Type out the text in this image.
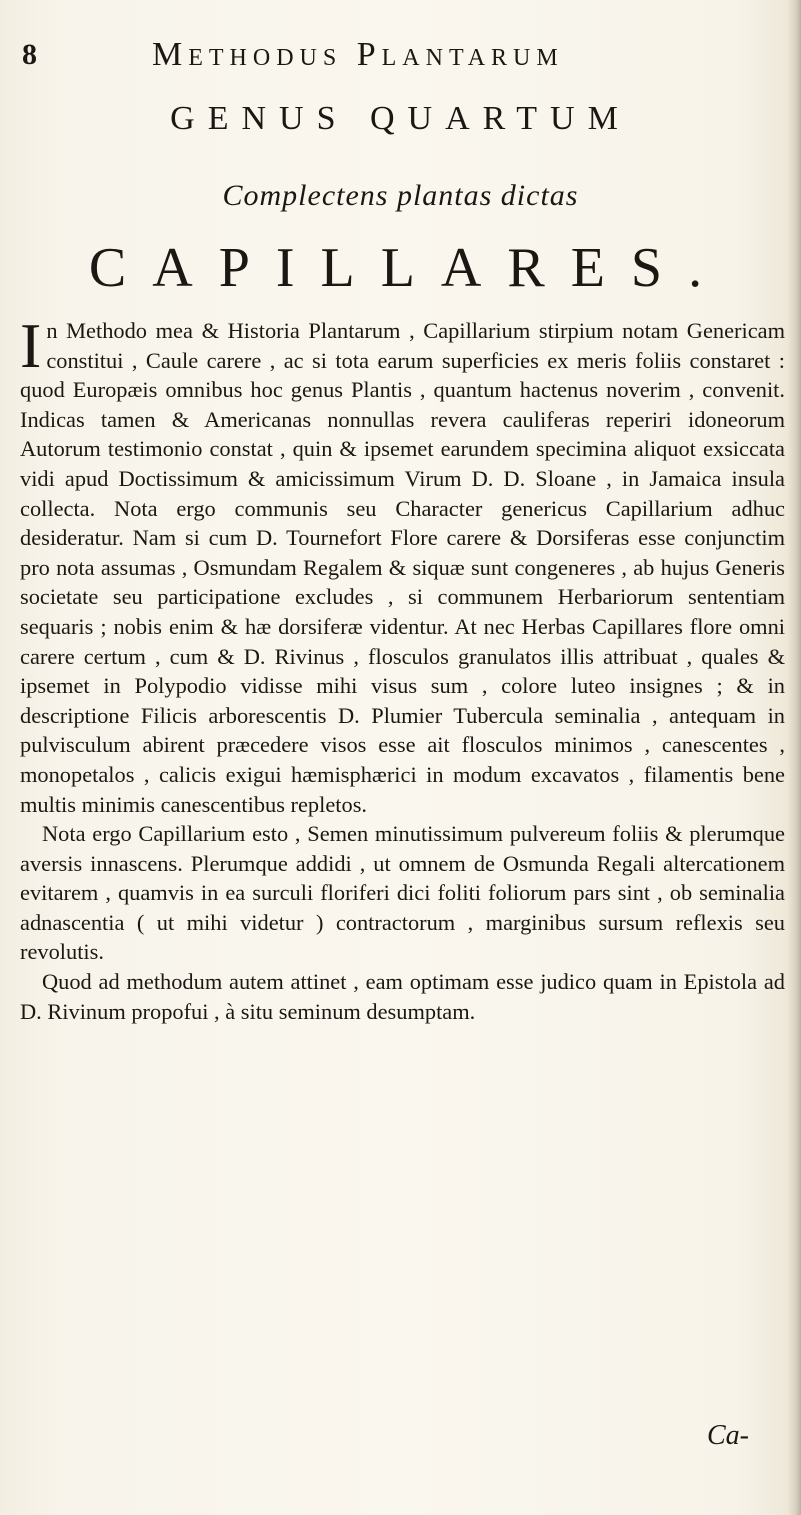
8	Methodus Plantarum
GENUS QUARTUM
Complectens plantas dictas
CAPILLARES.

In Methodo mea & Historia Plantarum , Capillarium stirpium notam Genericam constitui , Caule carere , ac si tota earum superficies ex meris foliis constaret : quod Europæis omnibus hoc genus Plantis , quantum hactenus noverim , convenit. Indicas tamen & Americanas nonnullas revera cauliferas reperiri idoneorum Autorum testimonio constat , quin & ipsemet earundem specimina aliquot exsiccata vidi apud Doctissimum & amicissimum Virum D. D. Sloane , in Jamaica insula collecta. Nota ergo communis seu Character genericus Capillarium adhuc desideratur. Nam si cum D. Tournefort Flore carere & Dorsiferas esse conjunctim pro nota assumas , Osmundam Regalem & siquæ sunt congeneres , ab hujus Generis societate seu participatione excludes , si communem Herbariorum sententiam sequaris ; nobis enim & hæ dorsiferæ videntur. At nec Herbas Capillares flore omni carere certum , cum & D. Rivinus , flosculos granulatos illis attribuat , quales & ipsemet in Polypodio vidisse mihi visus sum , colore luteo insignes ; & in descriptione Filicis arborescentis D. Plumier Tubercula seminalia , antequam in pulvisculum abirent præcedere visos esse ait flosculos minimos , canescentes , monopetalos , calicis exigui hæmisphærici in modum excavatos , filamentis bene multis minimis canescentibus repletos.

Nota ergo Capillarium esto , Semen minutissimum pulvereum foliis & plerumque aversis innascens. Plerumque addidi , ut omnem de Osmunda Regali altercationem evitarem , quamvis in ea surculi floriferi dici foliti foliorum pars sint , ob seminalia adnascentia ( ut mihi videtur ) contractorum , marginibus sursum reflexis seu revolutis.

Quod ad methodum autem attinet , eam optimam esse judico quam in Epistola ad D. Rivinum propofui , à situ seminum desumptam.

Ca-
